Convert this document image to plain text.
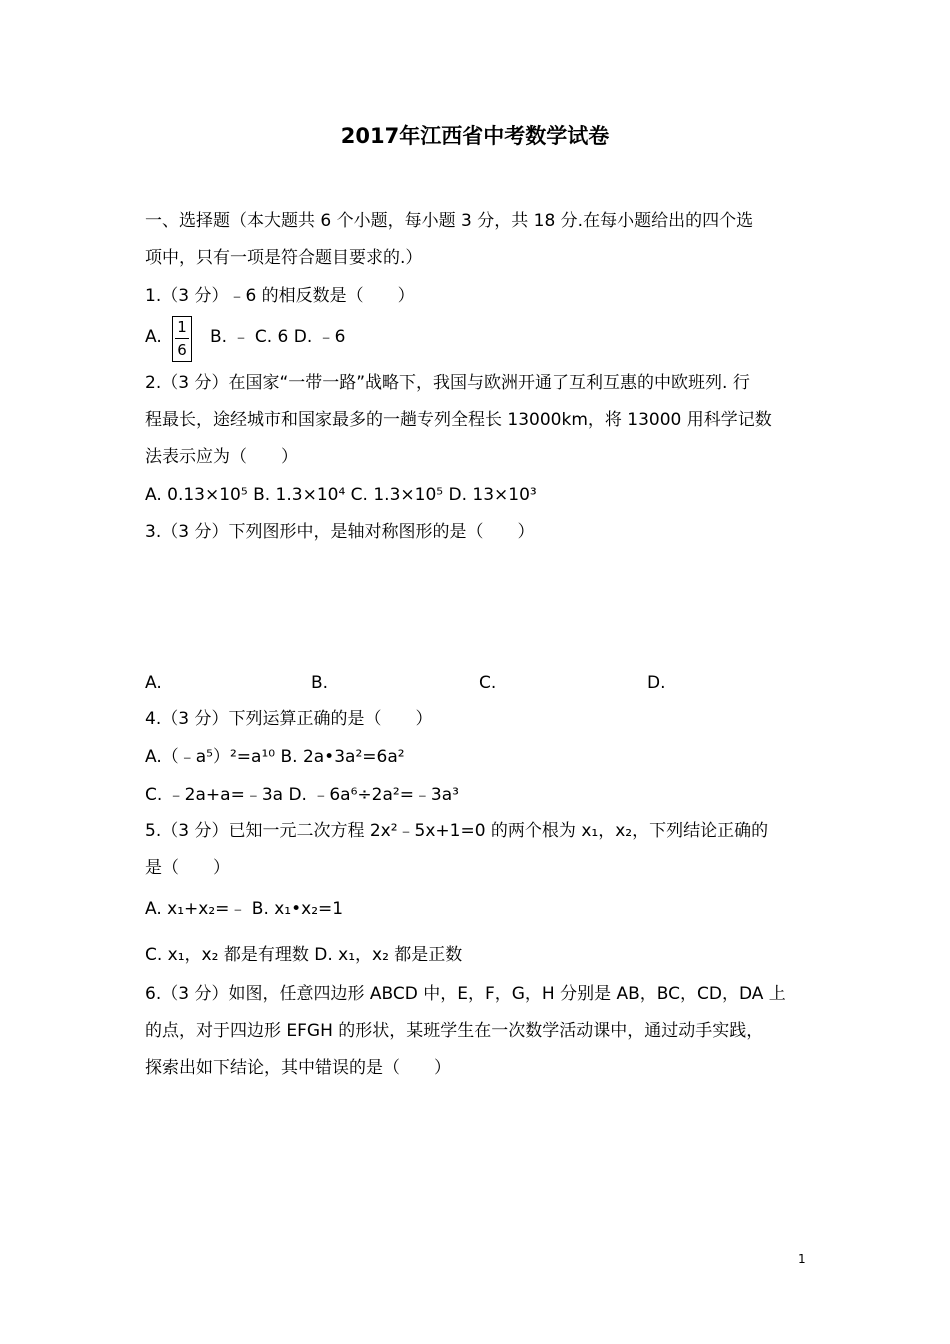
2017年江西省中考数学试卷
一、选择题（本大题共 6 个小题，每小题 3 分，共 18 分.在每小题给出的四个选
项中，只有一项是符合题目要求的.）
1.（3 分）﹣6 的相反数是（　　）
A.	1
6
B. ﹣ C. 6 D. ﹣6
2.（3 分）在国家“一带一路”战略下，我国与欧洲开通了互利互惠的中欧班列. 行
程最长，途经城市和国家最多的一趟专列全程长 13000km，将 13000 用科学记数
法表示应为（　　）
A. 0.13×10⁵ B. 1.3×10⁴ C. 1.3×10⁵ D. 13×10³
3.（3 分）下列图形中，是轴对称图形的是（　　）
A.	B.	C.	D.
4.（3 分）下列运算正确的是（　　）
A.（﹣a⁵）²=a¹⁰ B. 2a•3a²=6a²
C. ﹣2a+a=﹣3a D. ﹣6a⁶÷2a²=﹣3a³
5.（3 分）已知一元二次方程 2x²﹣5x+1=0 的两个根为 x₁，x₂，下列结论正确的
是（　　）
A. x₁+x₂=﹣ B. x₁•x₂=1
C. x₁，x₂ 都是有理数 D. x₁，x₂ 都是正数
6.（3 分）如图，任意四边形 ABCD 中，E，F，G，H 分别是 AB，BC，CD，DA 上
的点，对于四边形 EFGH 的形状，某班学生在一次数学活动课中，通过动手实践，
探索出如下结论，其中错误的是（　　）
1
